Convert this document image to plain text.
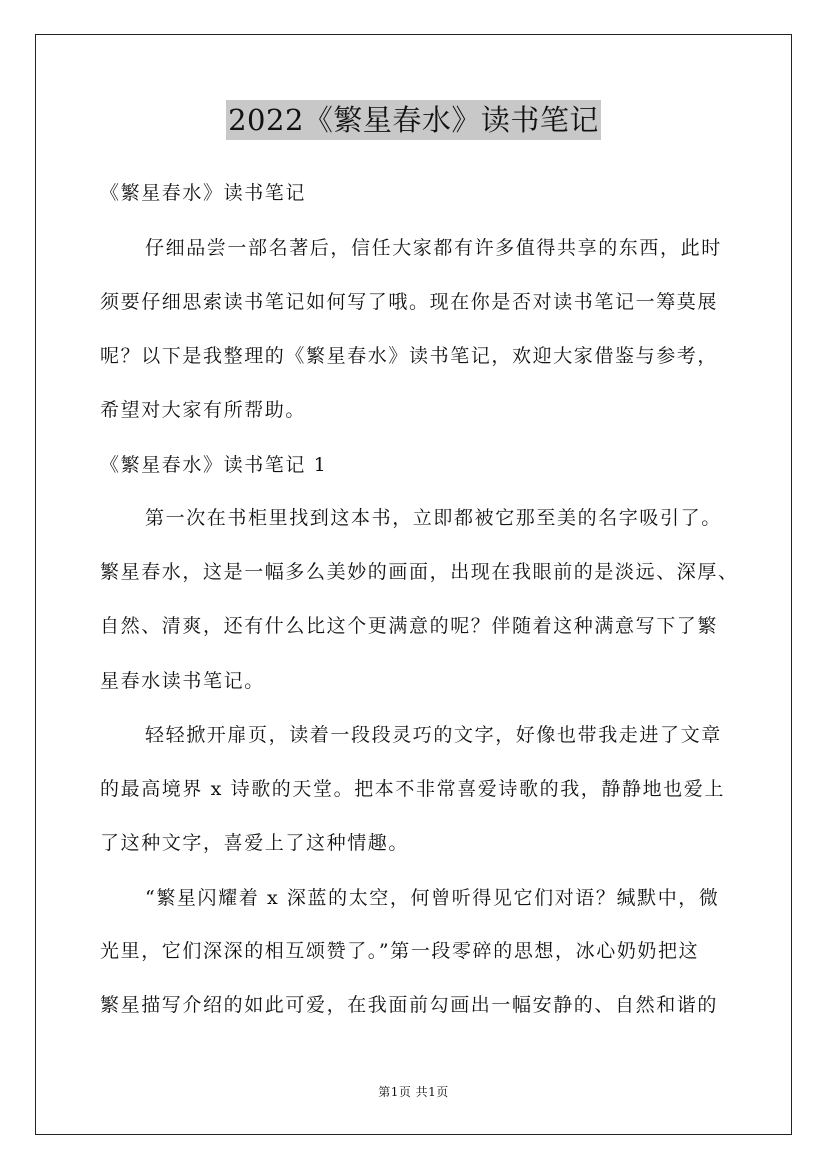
2022《繁星春水》读书笔记
《繁星春水》读书笔记
仔细品尝一部名著后，信任大家都有许多值得共享的东西，此时
须要仔细思索读书笔记如何写了哦。现在你是否对读书笔记一筹莫展
呢？以下是我整理的《繁星春水》读书笔记，欢迎大家借鉴与参考，
希望对大家有所帮助。
《繁星春水》读书笔记 1
第一次在书柜里找到这本书，立即都被它那至美的名字吸引了。
繁星春水，这是一幅多么美妙的画面，出现在我眼前的是淡远、深厚、
自然、清爽，还有什么比这个更满意的呢？伴随着这种满意写下了繁
星春水读书笔记。
轻轻掀开扉页，读着一段段灵巧的文字，好像也带我走进了文章
的最高境界 x 诗歌的天堂。把本不非常喜爱诗歌的我，静静地也爱上
了这种文字，喜爱上了这种情趣。
“繁星闪耀着 x 深蓝的太空，何曾听得见它们对语？缄默中，微
光里，它们深深的相互颂赞了。”第一段零碎的思想，冰心奶奶把这
繁星描写介绍的如此可爱，在我面前勾画出一幅安静的、自然和谐的
第1页 共1页
